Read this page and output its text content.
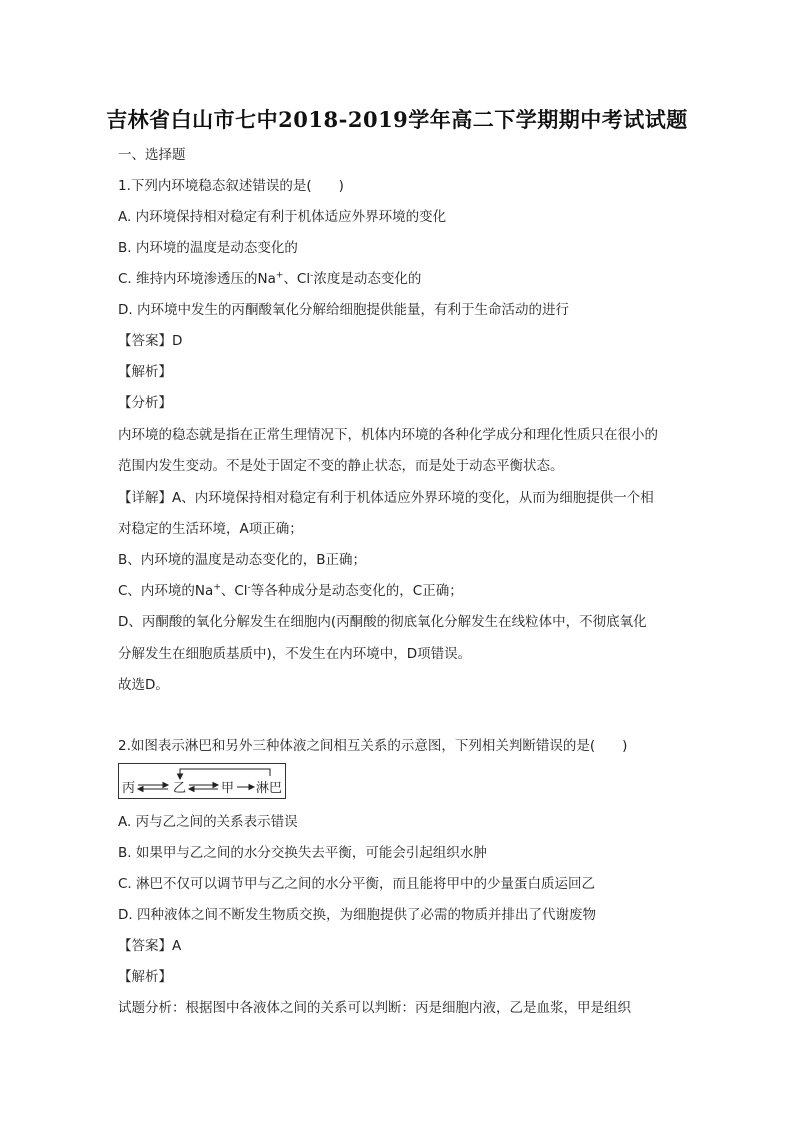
吉林省白山市七中2018-2019学年高二下学期期中考试试题

一、选择题

1.下列内环境稳态叙述错误的是(　　)

A. 内环境保持相对稳定有利于机体适应外界环境的变化

B. 内环境的温度是动态变化的

C. 维持内环境渗透压的Na+、Cl-浓度是动态变化的

D. 内环境中发生的丙酮酸氧化分解给细胞提供能量，有利于生命活动的进行

【答案】D

【解析】

【分析】

内环境的稳态就是指在正常生理情况下，机体内环境的各种化学成分和理化性质只在很小的

范围内发生变动。不是处于固定不变的静止状态，而是处于动态平衡状态。

【详解】A、内环境保持相对稳定有利于机体适应外界环境的变化，从而为细胞提供一个相

对稳定的生活环境，A项正确；

B、内环境的温度是动态变化的，B正确；

C、内环境的Na+、Cl-等各种成分是动态变化的，C正确；

D、丙酮酸的氧化分解发生在细胞内(丙酮酸的彻底氧化分解发生在线粒体中，不彻底氧化

分解发生在细胞质基质中)，不发生在内环境中，D项错误。

故选D。

2.如图表示淋巴和另外三种体液之间相互关系的示意图，下列相关判断错误的是(　　)

丙	乙	甲 淋巴

A. 丙与乙之间的关系表示错误

B. 如果甲与乙之间的水分交换失去平衡，可能会引起组织水肿

C. 淋巴不仅可以调节甲与乙之间的水分平衡，而且能将甲中的少量蛋白质运回乙

D. 四种液体之间不断发生物质交换，为细胞提供了必需的物质并排出了代谢废物

【答案】A

【解析】

试题分析：根据图中各液体之间的关系可以判断：丙是细胞内液，乙是血浆，甲是组织
